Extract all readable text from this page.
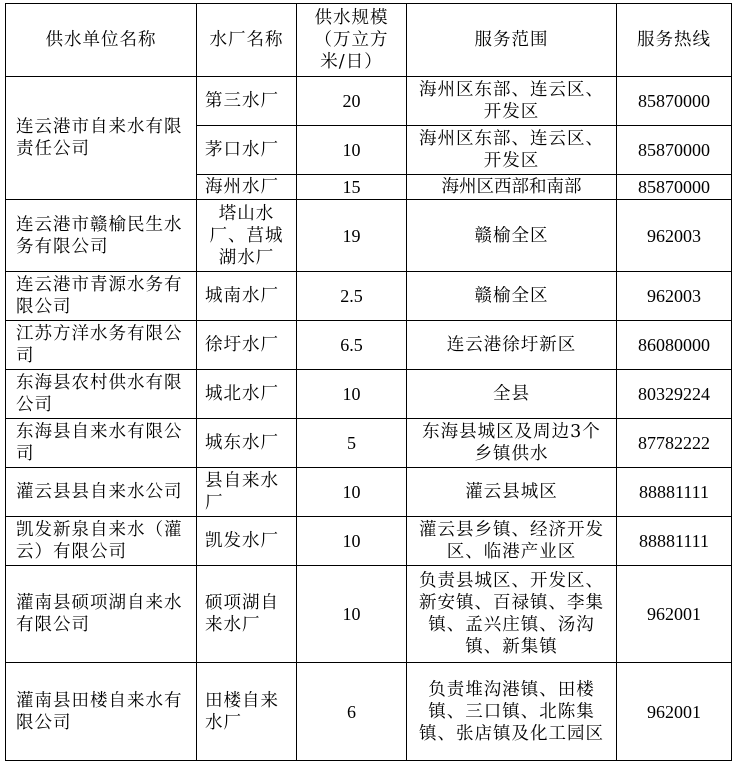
供水单位名称	水厂名称	供水规模（万立方米/日）	服务范围	服务热线
连云港市自来水有限责任公司	第三水厂	20	海州区东部、连云区、开发区	85870000
	茅口水厂	10	海州区东部、连云区、开发区	85870000
	海州水厂	15	海州区西部和南部	85870000
连云港市赣榆民生水务有限公司	塔山水厂、莒城湖水厂	19	赣榆全区	962003
连云港市青源水务有限公司	城南水厂	2.5	赣榆全区	962003
江苏方洋水务有限公司	徐圩水厂	6.5	连云港徐圩新区	86080000
东海县农村供水有限公司	城北水厂	10	全县	80329224
东海县自来水有限公司	城东水厂	5	东海县城区及周边3个乡镇供水	87782222
灌云县县自来水公司	县自来水厂	10	灌云县城区	88881111
凯发新泉自来水（灌云）有限公司	凯发水厂	10	灌云县乡镇、经济开发区、临港产业区	88881111
灌南县硕项湖自来水有限公司	硕项湖自来水厂	10	负责县城区、开发区、新安镇、百禄镇、李集镇、孟兴庄镇、汤沟镇、新集镇	962001
灌南县田楼自来水有限公司	田楼自来水厂	6	负责堆沟港镇、田楼镇、三口镇、北陈集镇、张店镇及化工园区	962001
